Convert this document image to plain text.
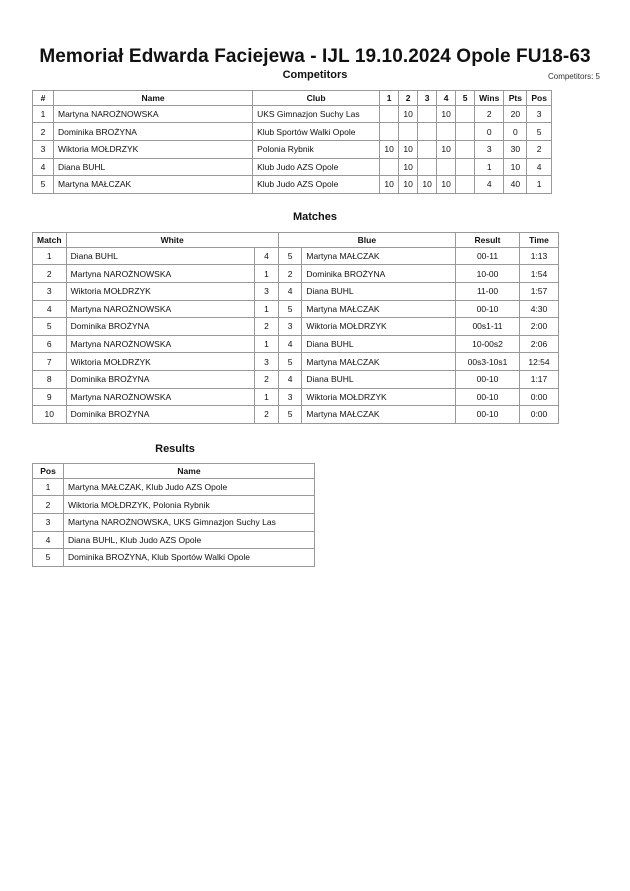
Memoriał Edwarda Faciejewa - IJL 19.10.2024 Opole FU18-63
Competitors	Competitors: 5
#	Name	Club	1	2	3	4	5	Wins	Pts	Pos
1	Martyna NAROŻNOWSKA	UKS Gimnazjon Suchy Las		10		10		2	20	3
2	Dominika BROŻYNA	Klub Sportów Walki Opole						0	0	5
3	Wiktoria MOŁDRZYK	Polonia Rybnik	10	10		10		3	30	2
4	Diana BUHL	Klub Judo AZS Opole		10				1	10	4
5	Martyna MAŁCZAK	Klub Judo AZS Opole	10	10	10	10		4	40	1
Matches
Match	White		Blue		Result	Time
1	Diana BUHL	4	5	Martyna MAŁCZAK	00-11	1:13
2	Martyna NAROŻNOWSKA	1	2	Dominika BROŻYNA	10-00	1:54
3	Wiktoria MOŁDRZYK	3	4	Diana BUHL	11-00	1:57
4	Martyna NAROŻNOWSKA	1	5	Martyna MAŁCZAK	00-10	4:30
5	Dominika BROŻYNA	2	3	Wiktoria MOŁDRZYK	00s1-11	2:00
6	Martyna NAROŻNOWSKA	1	4	Diana BUHL	10-00s2	2:06
7	Wiktoria MOŁDRZYK	3	5	Martyna MAŁCZAK	00s3-10s1	12:54
8	Dominika BROŻYNA	2	4	Diana BUHL	00-10	1:17
9	Martyna NAROŻNOWSKA	1	3	Wiktoria MOŁDRZYK	00-10	0:00
10	Dominika BROŻYNA	2	5	Martyna MAŁCZAK	00-10	0:00
Results
Pos	Name
1	Martyna MAŁCZAK, Klub Judo AZS Opole
2	Wiktoria MOŁDRZYK, Polonia Rybnik
3	Martyna NAROŻNOWSKA, UKS Gimnazjon Suchy Las
4	Diana BUHL, Klub Judo AZS Opole
5	Dominika BROŻYNA, Klub Sportów Walki Opole
